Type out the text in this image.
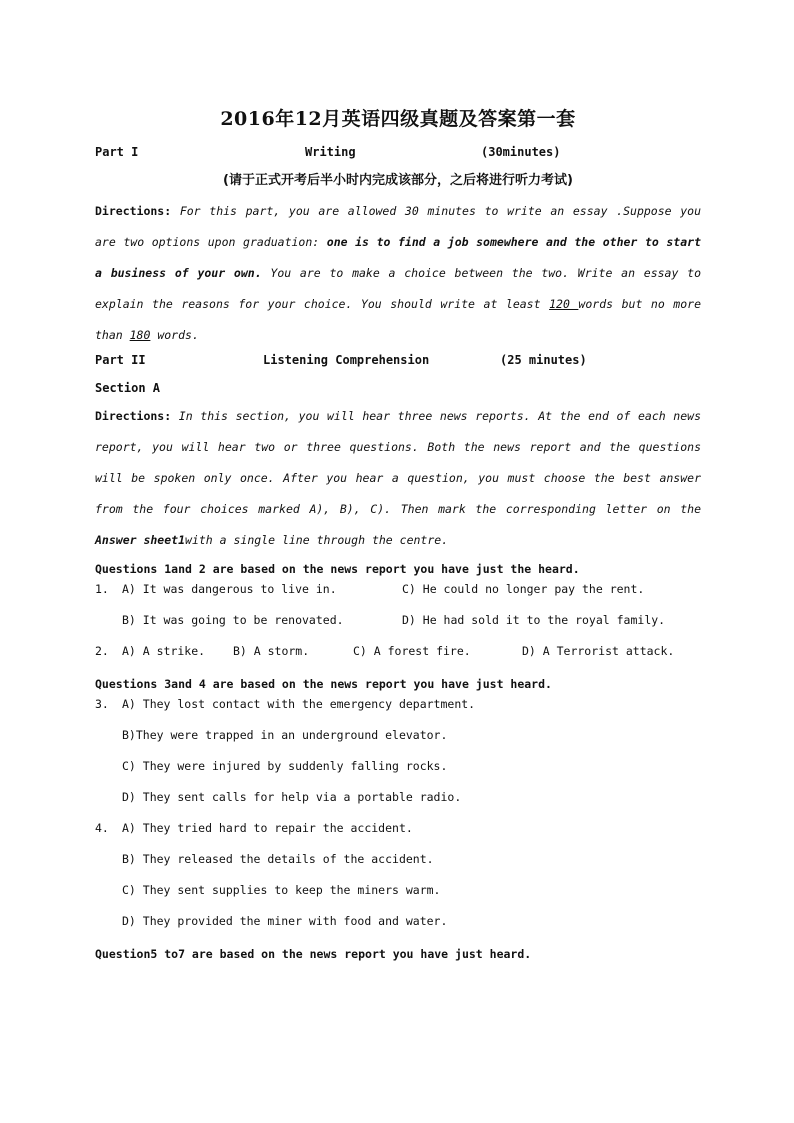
2016年12月英语四级真题及答案第一套
Part I	Writing	(30minutes)
(请于正式开考后半小时内完成该部分，之后将进行听力考试)

Directions: For this part, you are allowed 30 minutes to write an essay .Suppose you are two options upon graduation: one is to find a job somewhere and the other to start a business of your own. You are to make a choice between the two. Write an essay to explain the reasons for your choice. You should write at least 120 words but no more than 180 words.

Part II	Listening Comprehension	(25 minutes)
Section A

Directions: In this section, you will hear three news reports. At the end of each news report, you will hear two or three questions. Both the news report and the questions will be spoken only once. After you hear a question, you must choose the best answer from the four choices marked A), B), C). Then mark the corresponding letter on the Answer sheet1with a single line through the centre.

Questions 1and 2 are based on the news report you have just the heard.
1. A) It was dangerous to live in.	C) He could no longer pay the rent.
B) It was going to be renovated.	D) He had sold it to the royal family.
2. A) A strike. B) A storm.	C) A forest fire.	D) A Terrorist attack.
Questions 3and 4 are based on the news report you have just heard.
3. A) They lost contact with the emergency department.
B)They were trapped in an underground elevator.
C) They were injured by suddenly falling rocks.
D) They sent calls for help via a portable radio.
4. A) They tried hard to repair the accident.
B) They released the details of the accident.
C) They sent supplies to keep the miners warm.
D) They provided the miner with food and water.
Question5 to7 are based on the news report you have just heard.
